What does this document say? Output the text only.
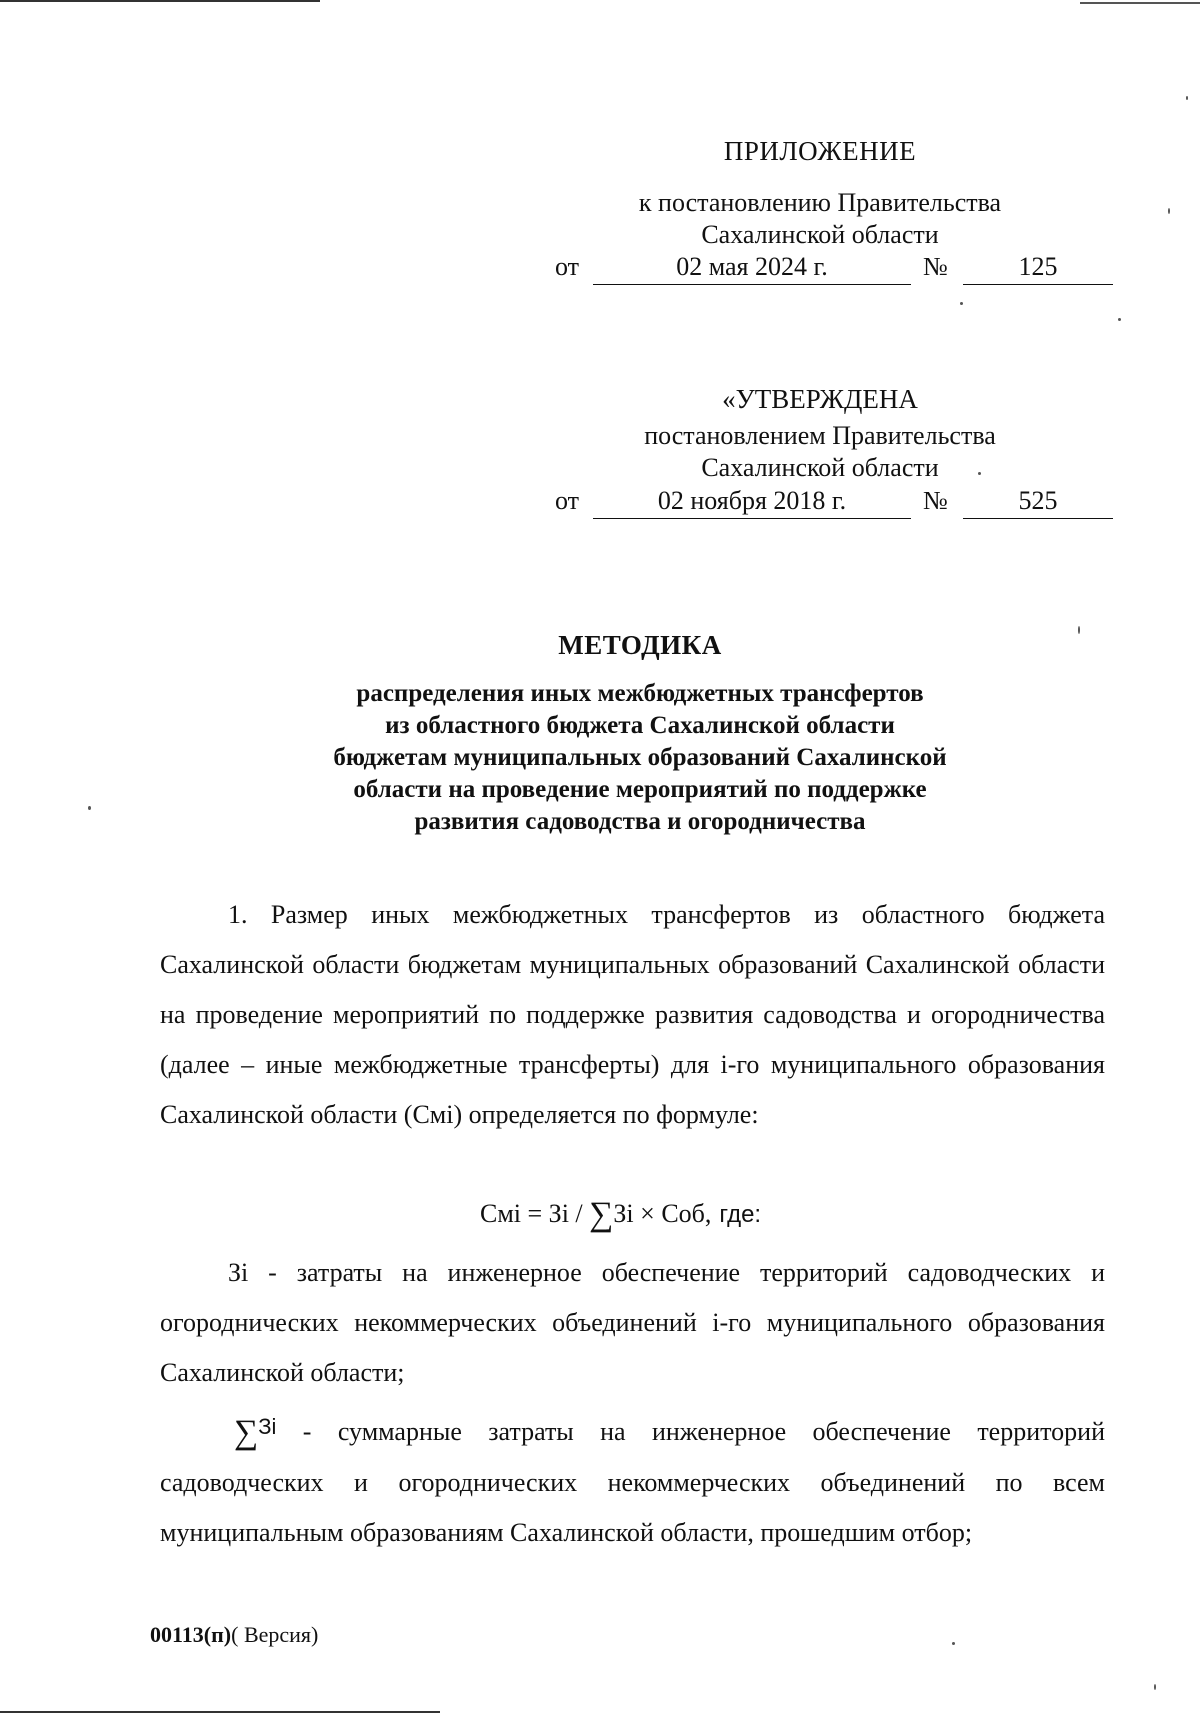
ПРИЛОЖЕНИЕ
к постановлению Правительства
Сахалинской области
от	02 мая 2024 г.	№	125
«УТВЕРЖДЕНА
постановлением Правительства
Сахалинской области
от	02 ноября 2018 г.	№	525
МЕТОДИКА
распределения иных межбюджетных трансфертов
из областного бюджета Сахалинской области
бюджетам муниципальных образований Сахалинской
области на проведение мероприятий по поддержке
развития садоводства и огородничества
1. Размер иных межбюджетных трансфертов из областного бюджета Сахалинской области бюджетам муниципальных образований Сахалинской области на проведение мероприятий по поддержке развития садоводства и огородничества (далее – иные межбюджетные трансферты) для i-го муниципального образования Сахалинской области (Смi) определяется по формуле:
Смi = Зi / ∑Зi × Соб, где:
Зi - затраты на инженерное обеспечение территорий садоводческих и огороднических некоммерческих объединений i-го муниципального образования Сахалинской области;
∑$^{Зi}$ - суммарные затраты на инженерное обеспечение территорий садоводческих и огороднических некоммерческих объединений по всем муниципальным образованиям Сахалинской области, прошедшим отбор;
00113(п)( Версия)
